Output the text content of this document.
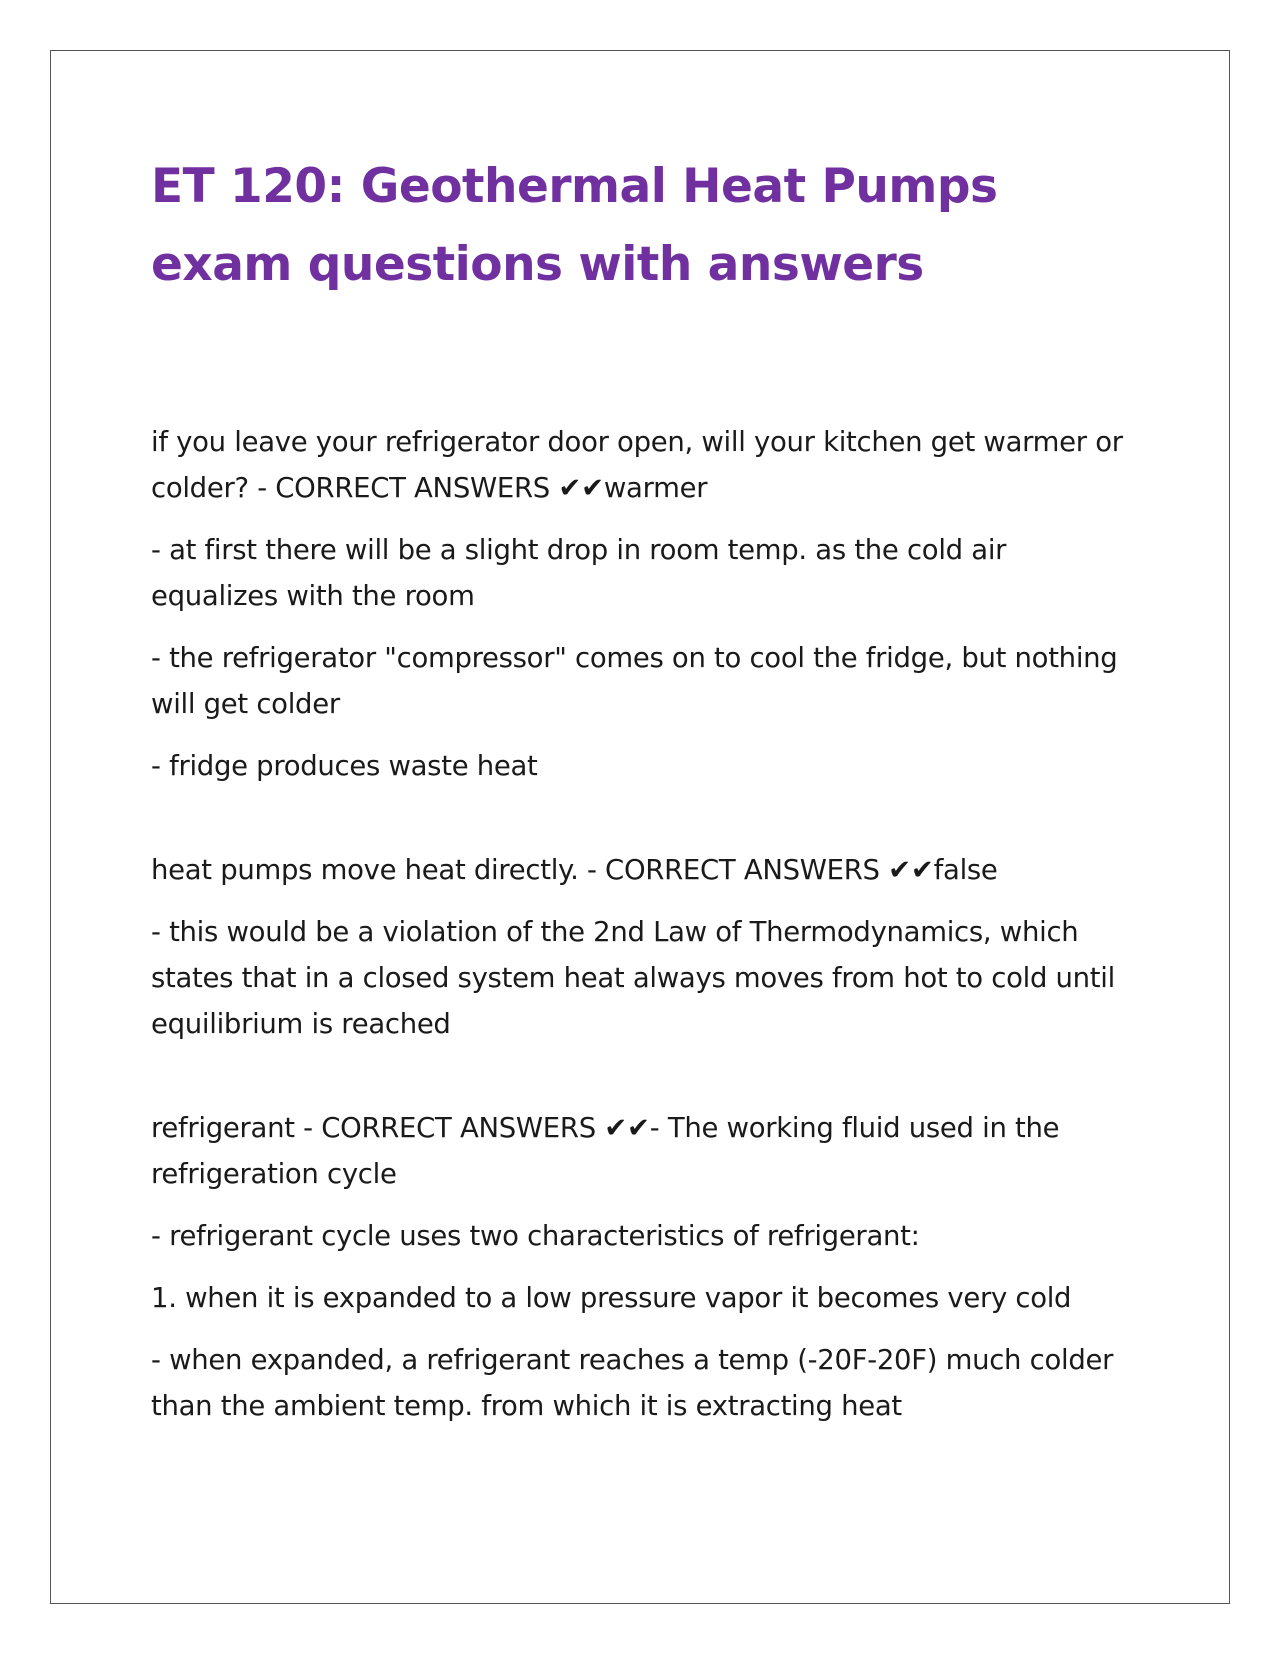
ET 120: Geothermal Heat Pumps exam questions with answers

if you leave your refrigerator door open, will your kitchen get warmer or colder? - CORRECT ANSWERS ✔✔warmer

- at first there will be a slight drop in room temp. as the cold air equalizes with the room

- the refrigerator "compressor" comes on to cool the fridge, but nothing will get colder

- fridge produces waste heat

heat pumps move heat directly. - CORRECT ANSWERS ✔✔false

- this would be a violation of the 2nd Law of Thermodynamics, which states that in a closed system heat always moves from hot to cold until equilibrium is reached

refrigerant - CORRECT ANSWERS ✔✔- The working fluid used in the refrigeration cycle

- refrigerant cycle uses two characteristics of refrigerant:

1. when it is expanded to a low pressure vapor it becomes very cold

- when expanded, a refrigerant reaches a temp (-20F-20F) much colder than the ambient temp. from which it is extracting heat
